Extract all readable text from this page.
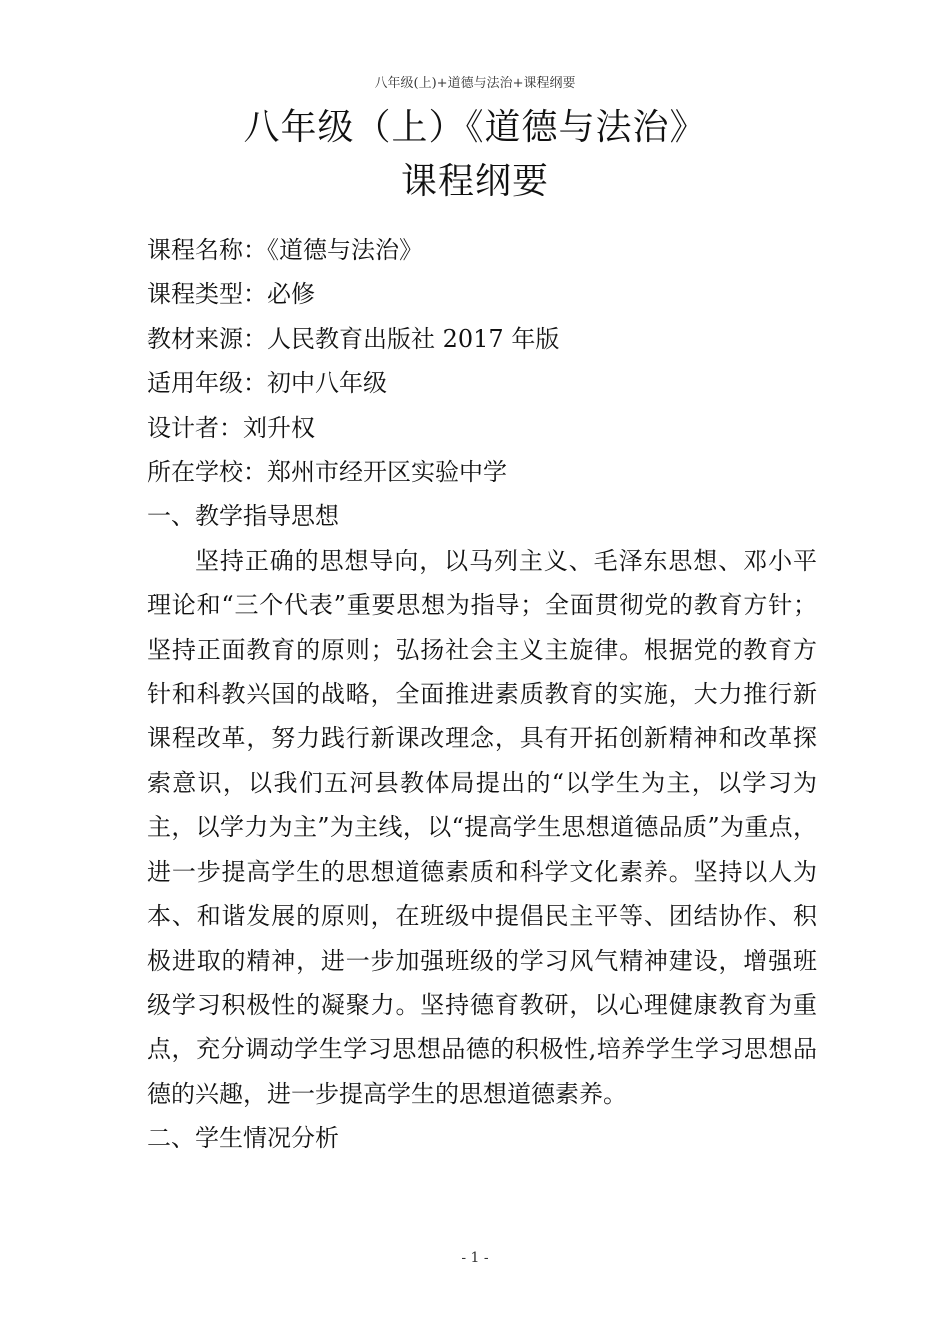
八年级(上)+道德与法治+课程纲要
八年级（上）《道德与法治》
课程纲要
课程名称：《道德与法治》
课程类型：必修
教材来源：人民教育出版社 2017 年版
适用年级：初中八年级
设计者：刘升权
所在学校：郑州市经开区实验中学
一、教学指导思想

坚持正确的思想导向，以马列主义、毛泽东思想、邓小平理论和“三个代表”重要思想为指导；全面贯彻党的教育方针；坚持正面教育的原则；弘扬社会主义主旋律。根据党的教育方针和科教兴国的战略，全面推进素质教育的实施，大力推行新课程改革，努力践行新课改理念，具有开拓创新精神和改革探索意识，以我们五河县教体局提出的“以学生为主，以学习为主，以学力为主”为主线，以“提高学生思想道德品质”为重点，进一步提高学生的思想道德素质和科学文化素养。坚持以人为本、和谐发展的原则，在班级中提倡民主平等、团结协作、积极进取的精神，进一步加强班级的学习风气精神建设，增强班级学习积极性的凝聚力。坚持德育教研，以心理健康教育为重点，充分调动学生学习思想品德的积极性,培养学生学习思想品德的兴趣，进一步提高学生的思想道德素养。

二、学生情况分析
- 1 -
